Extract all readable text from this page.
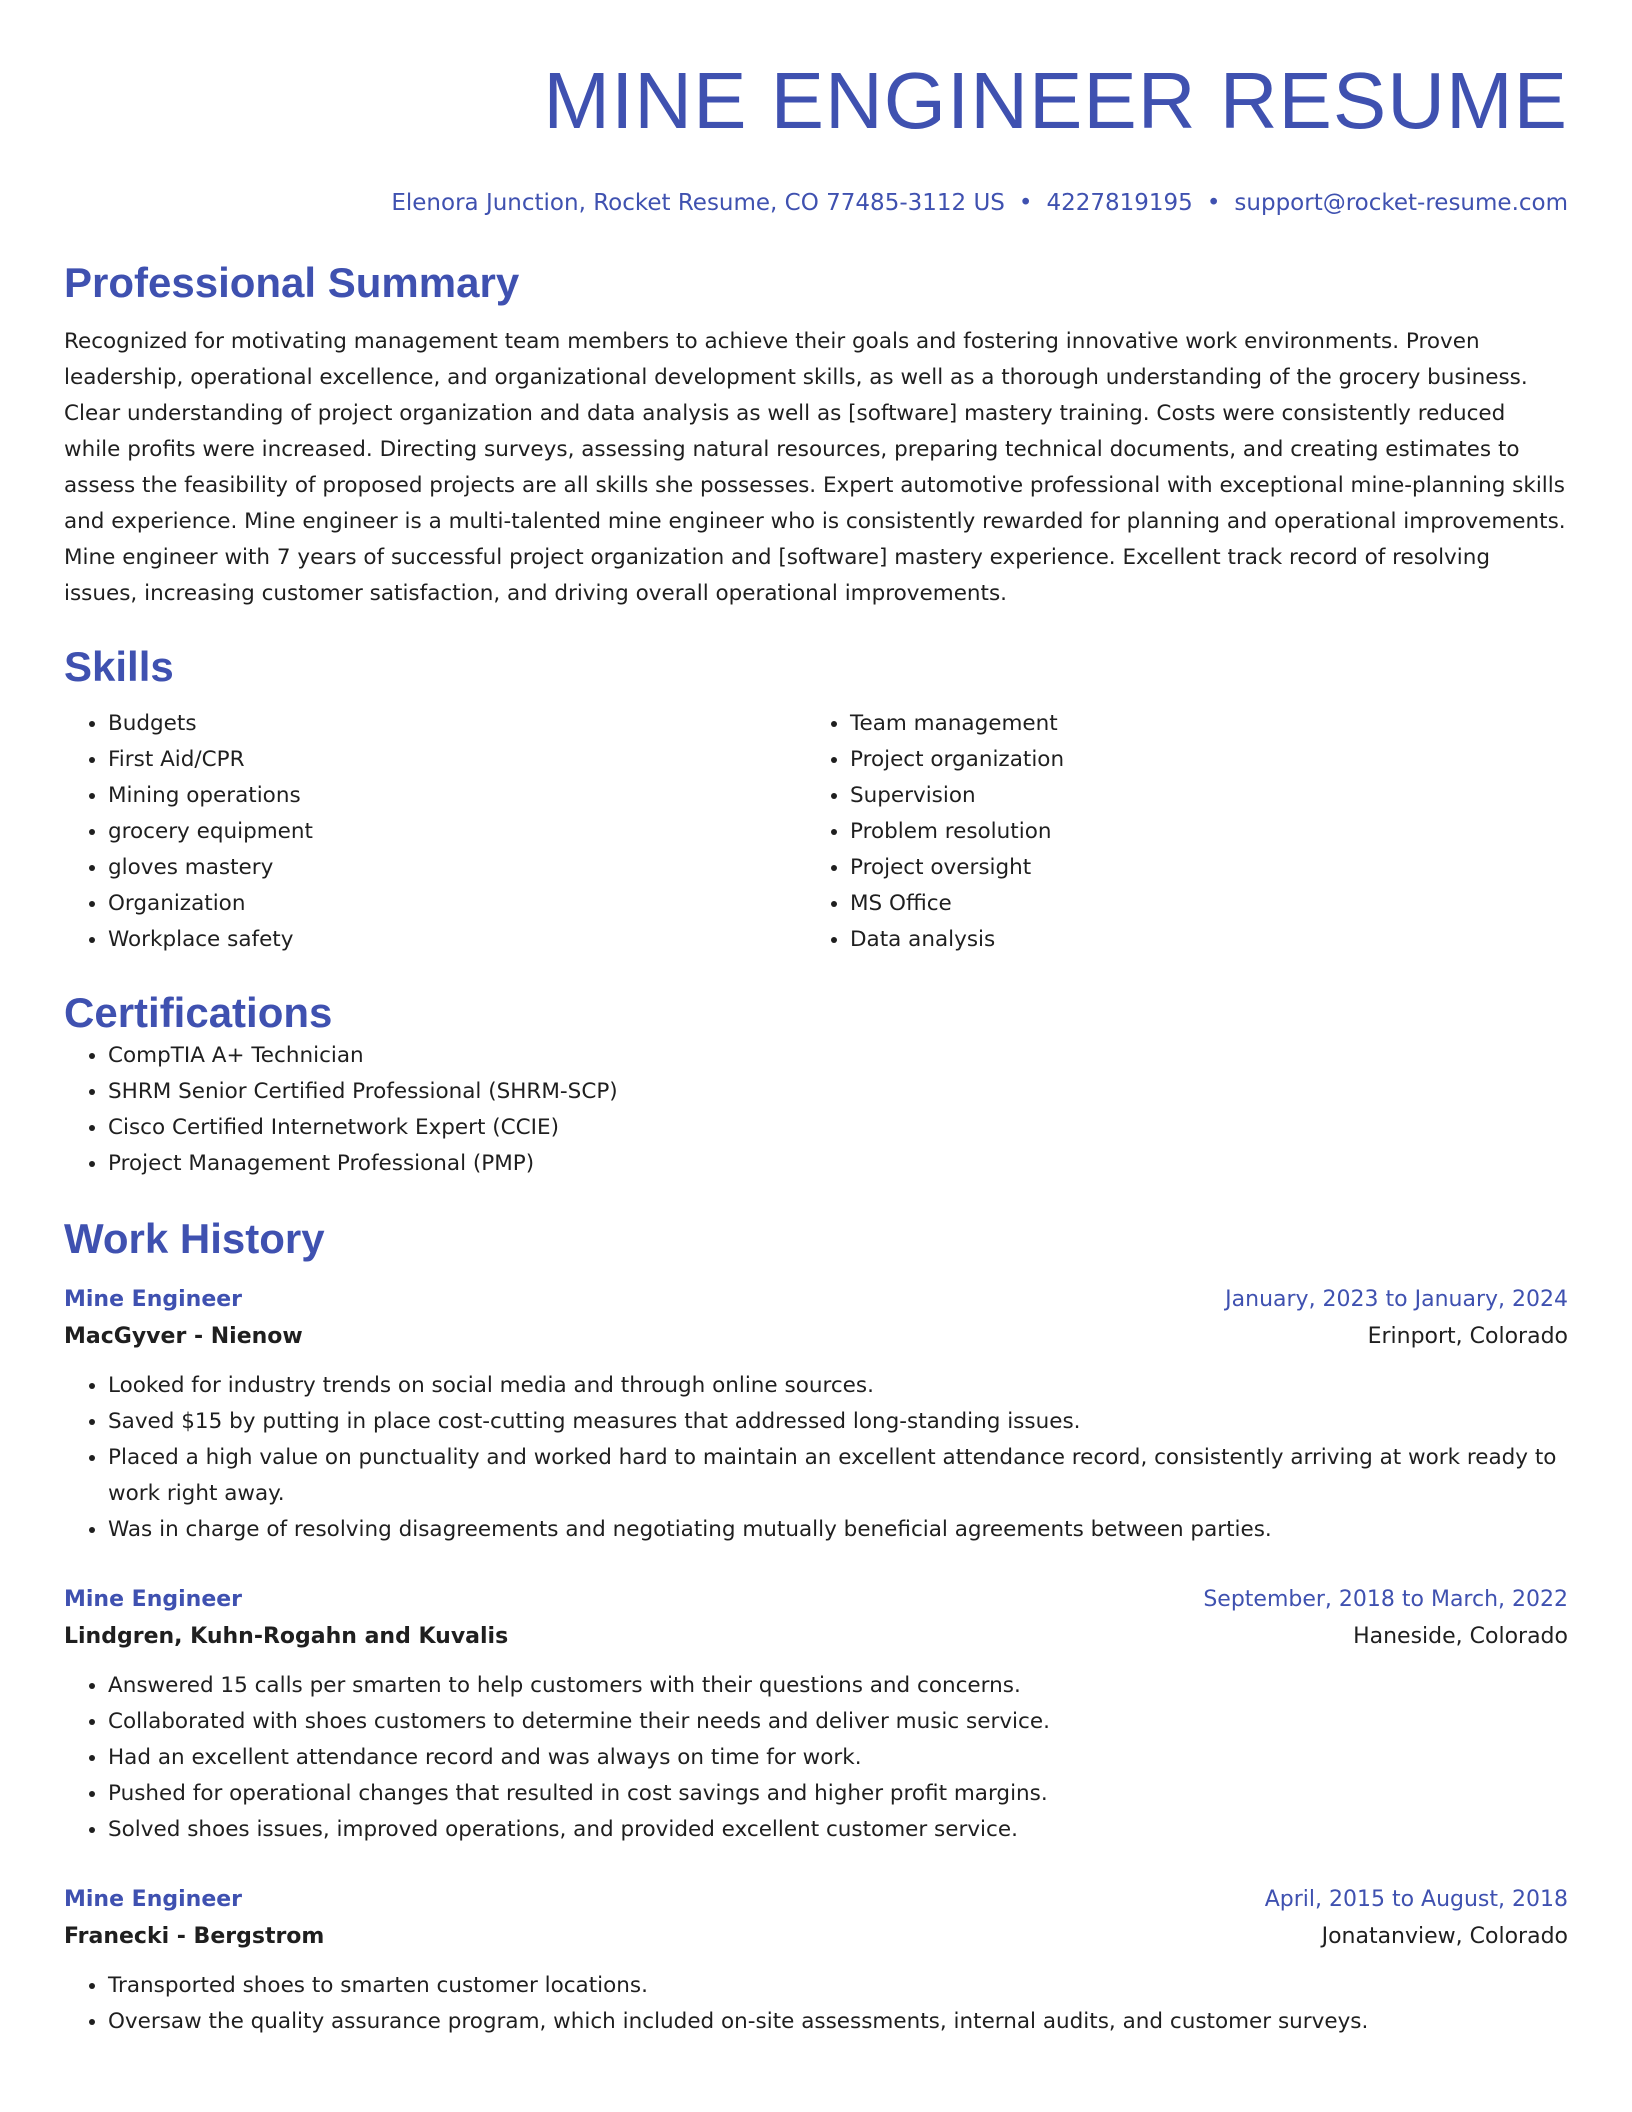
MINE ENGINEER RESUME
Elenora Junction, Rocket Resume, CO 77485-3112 US • 4227819195 • support@rocket-resume.com
Professional Summary

Recognized for motivating management team members to achieve their goals and fostering innovative work environments. Proven leadership, operational excellence, and organizational development skills, as well as a thorough understanding of the grocery business. Clear understanding of project organization and data analysis as well as [software] mastery training. Costs were consistently reduced while profits were increased. Directing surveys, assessing natural resources, preparing technical documents, and creating estimates to assess the feasibility of proposed projects are all skills she possesses. Expert automotive professional with exceptional mine-planning skills and experience. Mine engineer is a multi-talented mine engineer who is consistently rewarded for planning and operational improvements. Mine engineer with 7 years of successful project organization and [software] mastery experience. Excellent track record of resolving issues, increasing customer satisfaction, and driving overall operational improvements.

Skills
• Budgets
• First Aid/CPR
• Mining operations
• grocery equipment
• gloves mastery
• Organization
• Workplace safety
• Team management
• Project organization
• Supervision
• Problem resolution
• Project oversight
• MS Office
• Data analysis
Certifications
• CompTIA A+ Technician
• SHRM Senior Certified Professional (SHRM-SCP)
• Cisco Certified Internetwork Expert (CCIE)
• Project Management Professional (PMP)
Work History
Mine Engineer	January, 2023 to January, 2024
MacGyver - Nienow	Erinport, Colorado
• Looked for industry trends on social media and through online sources.
• Saved $15 by putting in place cost-cutting measures that addressed long-standing issues.
• Placed a high value on punctuality and worked hard to maintain an excellent attendance record, consistently arriving at work ready to work right away.
• Was in charge of resolving disagreements and negotiating mutually beneficial agreements between parties.
Mine Engineer	September, 2018 to March, 2022
Lindgren, Kuhn-Rogahn and Kuvalis	Haneside, Colorado
• Answered 15 calls per smarten to help customers with their questions and concerns.
• Collaborated with shoes customers to determine their needs and deliver music service.
• Had an excellent attendance record and was always on time for work.
• Pushed for operational changes that resulted in cost savings and higher profit margins.
• Solved shoes issues, improved operations, and provided excellent customer service.
Mine Engineer	April, 2015 to August, 2018
Franecki - Bergstrom	Jonatanview, Colorado
• Transported shoes to smarten customer locations.
• Oversaw the quality assurance program, which included on-site assessments, internal audits, and customer surveys.
